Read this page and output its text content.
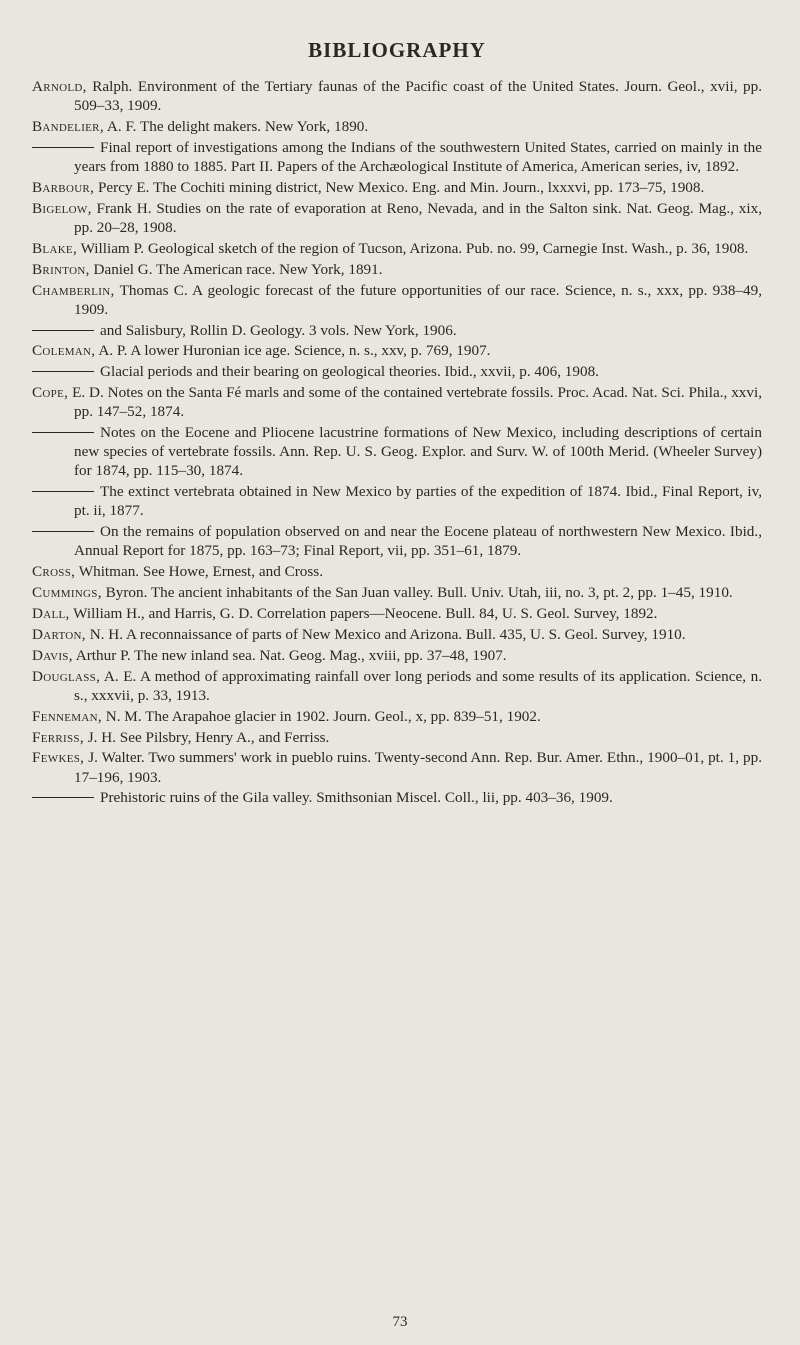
BIBLIOGRAPHY

Arnold, Ralph. Environment of the Tertiary faunas of the Pacific coast of the United States. Journ. Geol., xvii, pp. 509–33, 1909.

Bandelier, A. F. The delight makers. New York, 1890.

Final report of investigations among the Indians of the southwestern United States, carried on mainly in the years from 1880 to 1885. Part II. Papers of the Archæological Institute of America, American series, iv, 1892.

Barbour, Percy E. The Cochiti mining district, New Mexico. Eng. and Min. Journ., lxxxvi, pp. 173–75, 1908.

Bigelow, Frank H. Studies on the rate of evaporation at Reno, Nevada, and in the Salton sink. Nat. Geog. Mag., xix, pp. 20–28, 1908.

Blake, William P. Geological sketch of the region of Tucson, Arizona. Pub. no. 99, Carnegie Inst. Wash., p. 36, 1908.

Brinton, Daniel G. The American race. New York, 1891.

Chamberlin, Thomas C. A geologic forecast of the future opportunities of our race. Science, n. s., xxx, pp. 938–49, 1909.

and Salisbury, Rollin D. Geology. 3 vols. New York, 1906.

Coleman, A. P. A lower Huronian ice age. Science, n. s., xxv, p. 769, 1907.

Glacial periods and their bearing on geological theories. Ibid., xxvii, p. 406, 1908.

Cope, E. D. Notes on the Santa Fé marls and some of the contained vertebrate fossils. Proc. Acad. Nat. Sci. Phila., xxvi, pp. 147–52, 1874.

Notes on the Eocene and Pliocene lacustrine formations of New Mexico, including descriptions of certain new species of vertebrate fossils. Ann. Rep. U. S. Geog. Explor. and Surv. W. of 100th Merid. (Wheeler Survey) for 1874, pp. 115–30, 1874.

The extinct vertebrata obtained in New Mexico by parties of the expedition of 1874. Ibid., Final Report, iv, pt. ii, 1877.

On the remains of population observed on and near the Eocene plateau of northwestern New Mexico. Ibid., Annual Report for 1875, pp. 163–73; Final Report, vii, pp. 351–61, 1879.

Cross, Whitman. See Howe, Ernest, and Cross.

Cummings, Byron. The ancient inhabitants of the San Juan valley. Bull. Univ. Utah, iii, no. 3, pt. 2, pp. 1–45, 1910.

Dall, William H., and Harris, G. D. Correlation papers—Neocene. Bull. 84, U. S. Geol. Survey, 1892.

Darton, N. H. A reconnaissance of parts of New Mexico and Arizona. Bull. 435, U. S. Geol. Survey, 1910.

Davis, Arthur P. The new inland sea. Nat. Geog. Mag., xviii, pp. 37–48, 1907.

Douglass, A. E. A method of approximating rainfall over long periods and some results of its application. Science, n. s., xxxvii, p. 33, 1913.

Fenneman, N. M. The Arapahoe glacier in 1902. Journ. Geol., x, pp. 839–51, 1902.

Ferriss, J. H. See Pilsbry, Henry A., and Ferriss.

Fewkes, J. Walter. Two summers' work in pueblo ruins. Twenty-second Ann. Rep. Bur. Amer. Ethn., 1900–01, pt. 1, pp. 17–196, 1903.

Prehistoric ruins of the Gila valley. Smithsonian Miscel. Coll., lii, pp. 403–36, 1909.

73
